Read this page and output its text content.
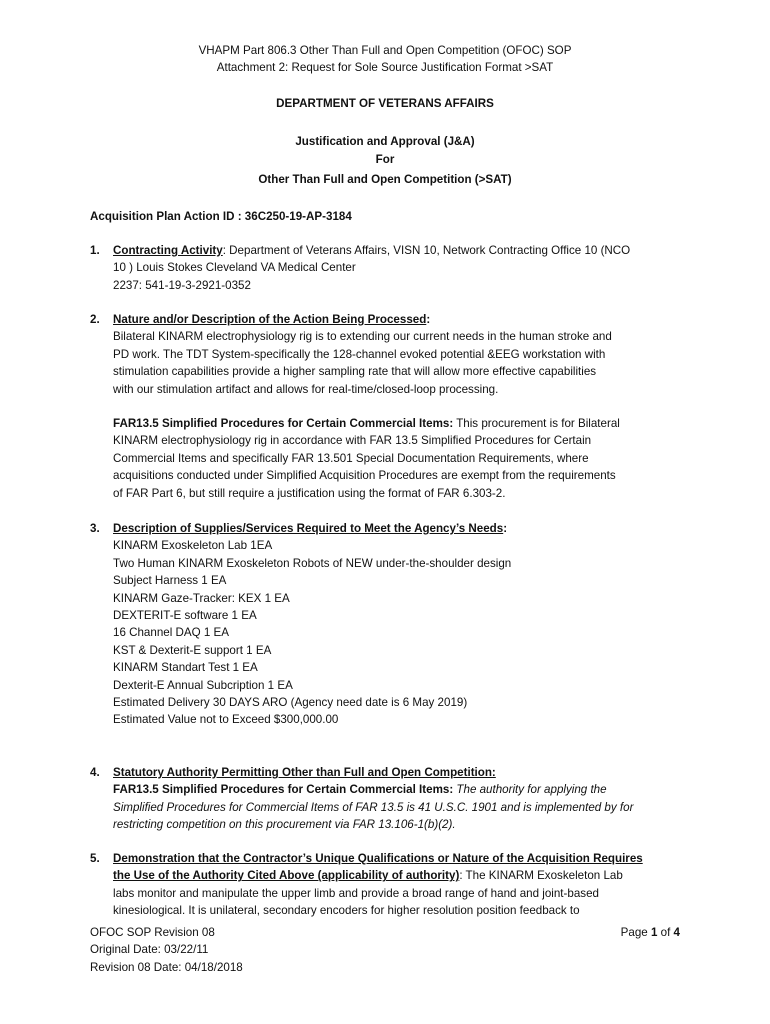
VHAPM Part 806.3 Other Than Full and Open Competition (OFOC) SOP
Attachment 2: Request for Sole Source Justification Format >SAT
DEPARTMENT OF VETERANS AFFAIRS
Justification and Approval (J&A)
For
Other Than Full and Open Competition (>SAT)
Acquisition Plan Action ID : 36C250-19-AP-3184
1. Contracting Activity: Department of Veterans Affairs, VISN 10, Network Contracting Office 10 (NCO

10 ) Louis Stokes Cleveland VA Medical Center

2237: 541-19-3-2921-0352

2. Nature and/or Description of the Action Being Processed:

Bilateral KINARM electrophysiology rig is to extending our current needs in the human stroke and

PD work. The TDT System-specifically the 128-channel evoked potential &EEG workstation with

stimulation capabilities provide a higher sampling rate that will allow more effective capabilities

with our stimulation artifact and allows for real-time/closed-loop processing.

FAR13.5 Simplified Procedures for Certain Commercial Items: This procurement is for Bilateral

KINARM electrophysiology rig in accordance with FAR 13.5 Simplified Procedures for Certain

Commercial Items and specifically FAR 13.501 Special Documentation Requirements, where

acquisitions conducted under Simplified Acquisition Procedures are exempt from the requirements

of FAR Part 6, but still require a justification using the format of FAR 6.303-2.

3. Description of Supplies/Services Required to Meet the Agency’s Needs:

KINARM Exoskeleton Lab 1EA

Two Human KINARM Exoskeleton Robots of NEW under-the-shoulder design

Subject Harness 1 EA

KINARM Gaze-Tracker: KEX 1 EA

DEXTERIT-E software 1 EA

16 Channel DAQ 1 EA

KST & Dexterit-E support 1 EA

KINARM Standart Test 1 EA

Dexterit-E Annual Subcription 1 EA

Estimated Delivery 30 DAYS ARO (Agency need date is 6 May 2019)

Estimated Value not to Exceed $300,000.00

4. Statutory Authority Permitting Other than Full and Open Competition:

FAR13.5 Simplified Procedures for Certain Commercial Items: The authority for applying the

Simplified Procedures for Commercial Items of FAR 13.5 is 41 U.S.C. 1901 and is implemented by for

restricting competition on this procurement via FAR 13.106-1(b)(2).

5. Demonstration that the Contractor’s Unique Qualifications or Nature of the Acquisition Requires

the Use of the Authority Cited Above (applicability of authority): The KINARM Exoskeleton Lab

labs monitor and manipulate the upper limb and provide a broad range of hand and joint-based

kinesiological. It is unilateral, secondary encoders for higher resolution position feedback to

OFOC SOP Revision 08
Original Date: 03/22/11
Revision 08 Date: 04/18/2018
Page 1 of 4
